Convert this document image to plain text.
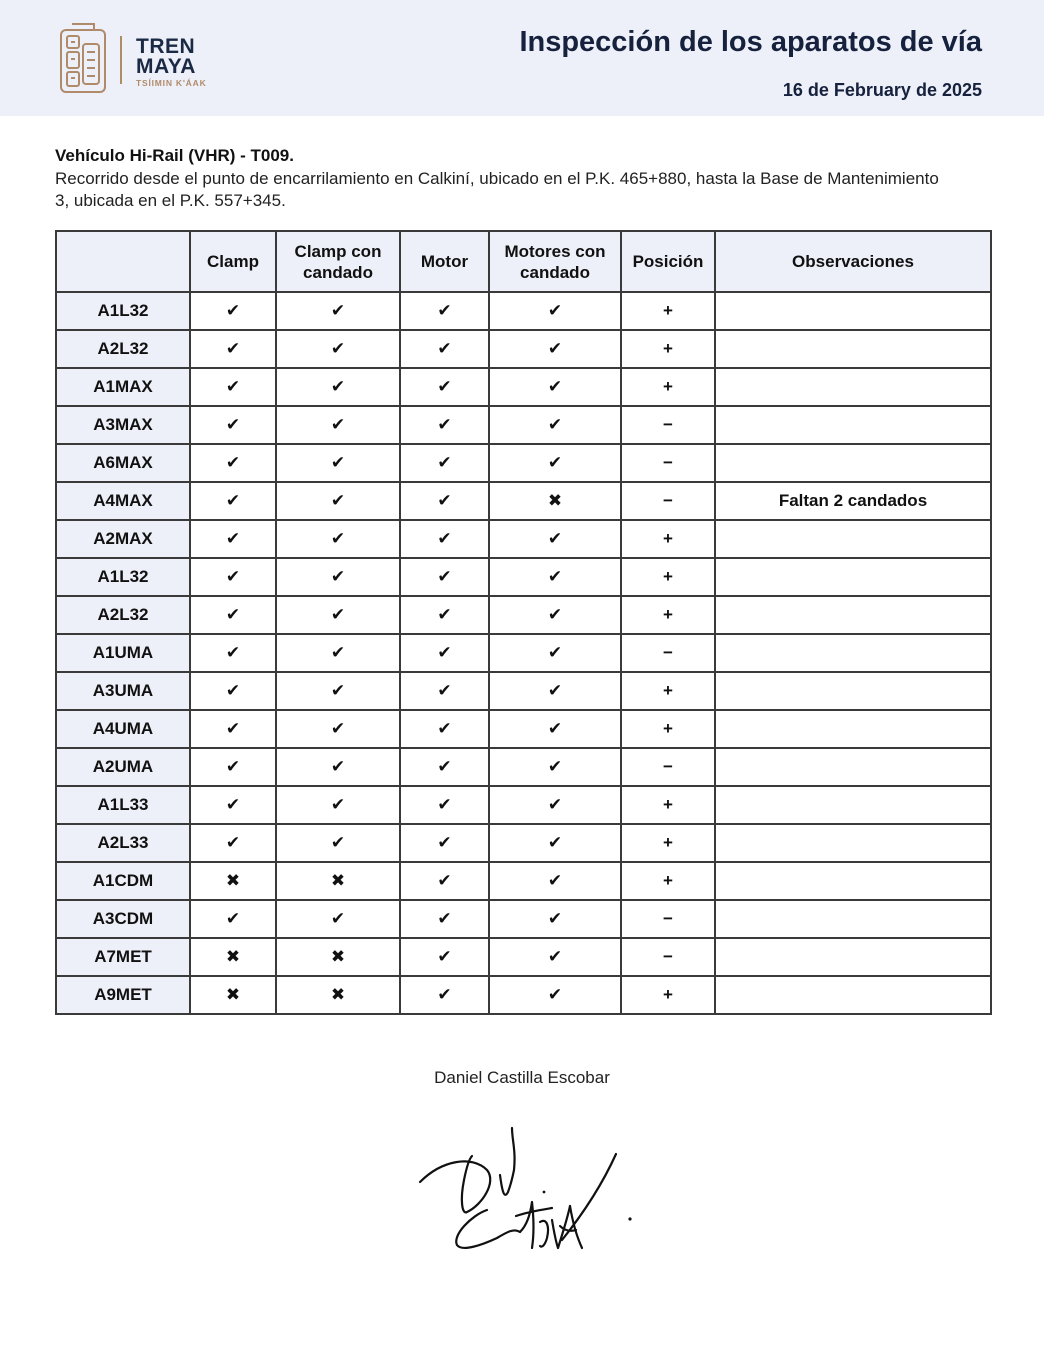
TREN
MAYA
TSÍIMIN K'ÁAK
Inspección de los aparatos de vía
16 de February de 2025
Vehículo Hi-Rail (VHR) - T009.
Recorrido desde el punto de encarrilamiento en Calkiní, ubicado en el P.K. 465+880, hasta la Base de Mantenimiento 3, ubicada en el P.K. 557+345.
	Clamp	Clamp con candado	Motor	Motores con candado	Posición	Observaciones
A1L32	✔	✔	✔	✔	+	
A2L32	✔	✔	✔	✔	+	
A1MAX	✔	✔	✔	✔	+	
A3MAX	✔	✔	✔	✔	−	
A6MAX	✔	✔	✔	✔	−	
A4MAX	✔	✔	✔	✖	−	Faltan 2 candados
A2MAX	✔	✔	✔	✔	+	
A1L32	✔	✔	✔	✔	+	
A2L32	✔	✔	✔	✔	+	
A1UMA	✔	✔	✔	✔	−	
A3UMA	✔	✔	✔	✔	+	
A4UMA	✔	✔	✔	✔	+	
A2UMA	✔	✔	✔	✔	−	
A1L33	✔	✔	✔	✔	+	
A2L33	✔	✔	✔	✔	+	
A1CDM	✖	✖	✔	✔	+	
A3CDM	✔	✔	✔	✔	−	
A7MET	✖	✖	✔	✔	−	
A9MET	✖	✖	✔	✔	+	
Daniel Castilla Escobar
